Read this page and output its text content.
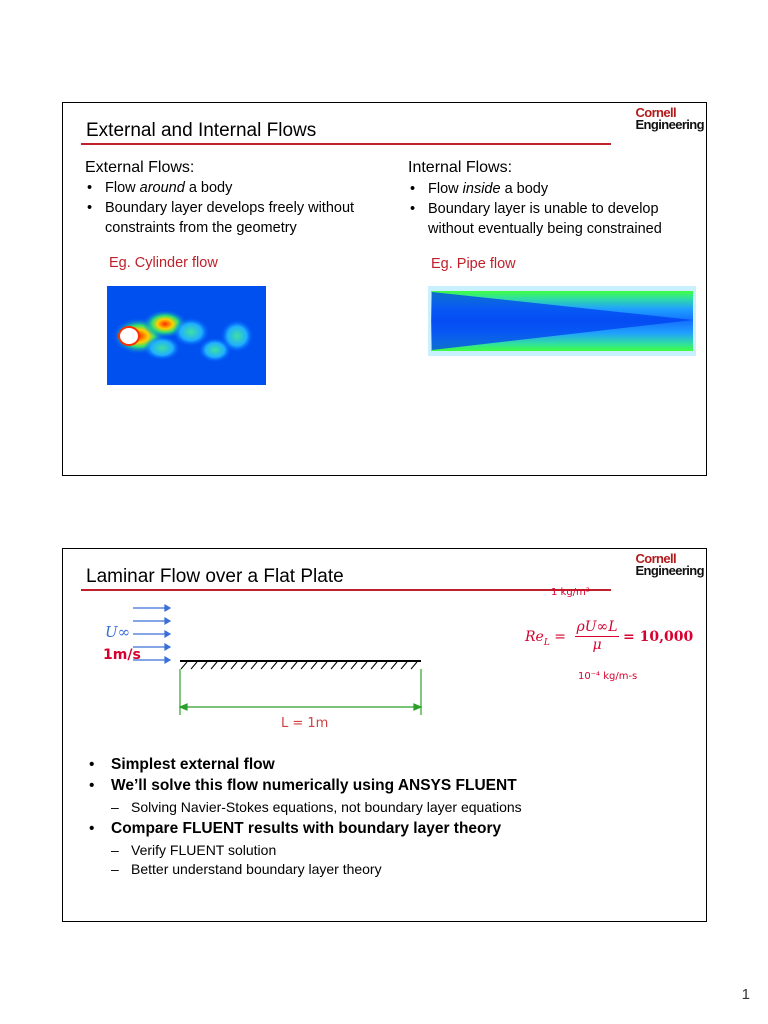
External and Internal Flows
Cornell
Engineering
External Flows:
• Flow around a body
• Boundary layer develops freely without constraints from the geometry
Eg. Cylinder flow
Internal Flows:
• Flow inside a body
• Boundary layer is unable to develop without eventually being constrained
Eg. Pipe flow
Laminar Flow over a Flat Plate
Cornell
Engineering
U∞
1m/s
L = 1m
1 kg/m³
$Re_L$ =
ρU∞L
μ	= 10,000
10⁻⁴ kg/m-s
• Simplest external flow
• We’ll solve this flow numerically using ANSYS FLUENT
– Solving Navier-Stokes equations, not boundary layer equations
• Compare FLUENT results with boundary layer theory
– Verify FLUENT solution
– Better understand boundary layer theory
1
